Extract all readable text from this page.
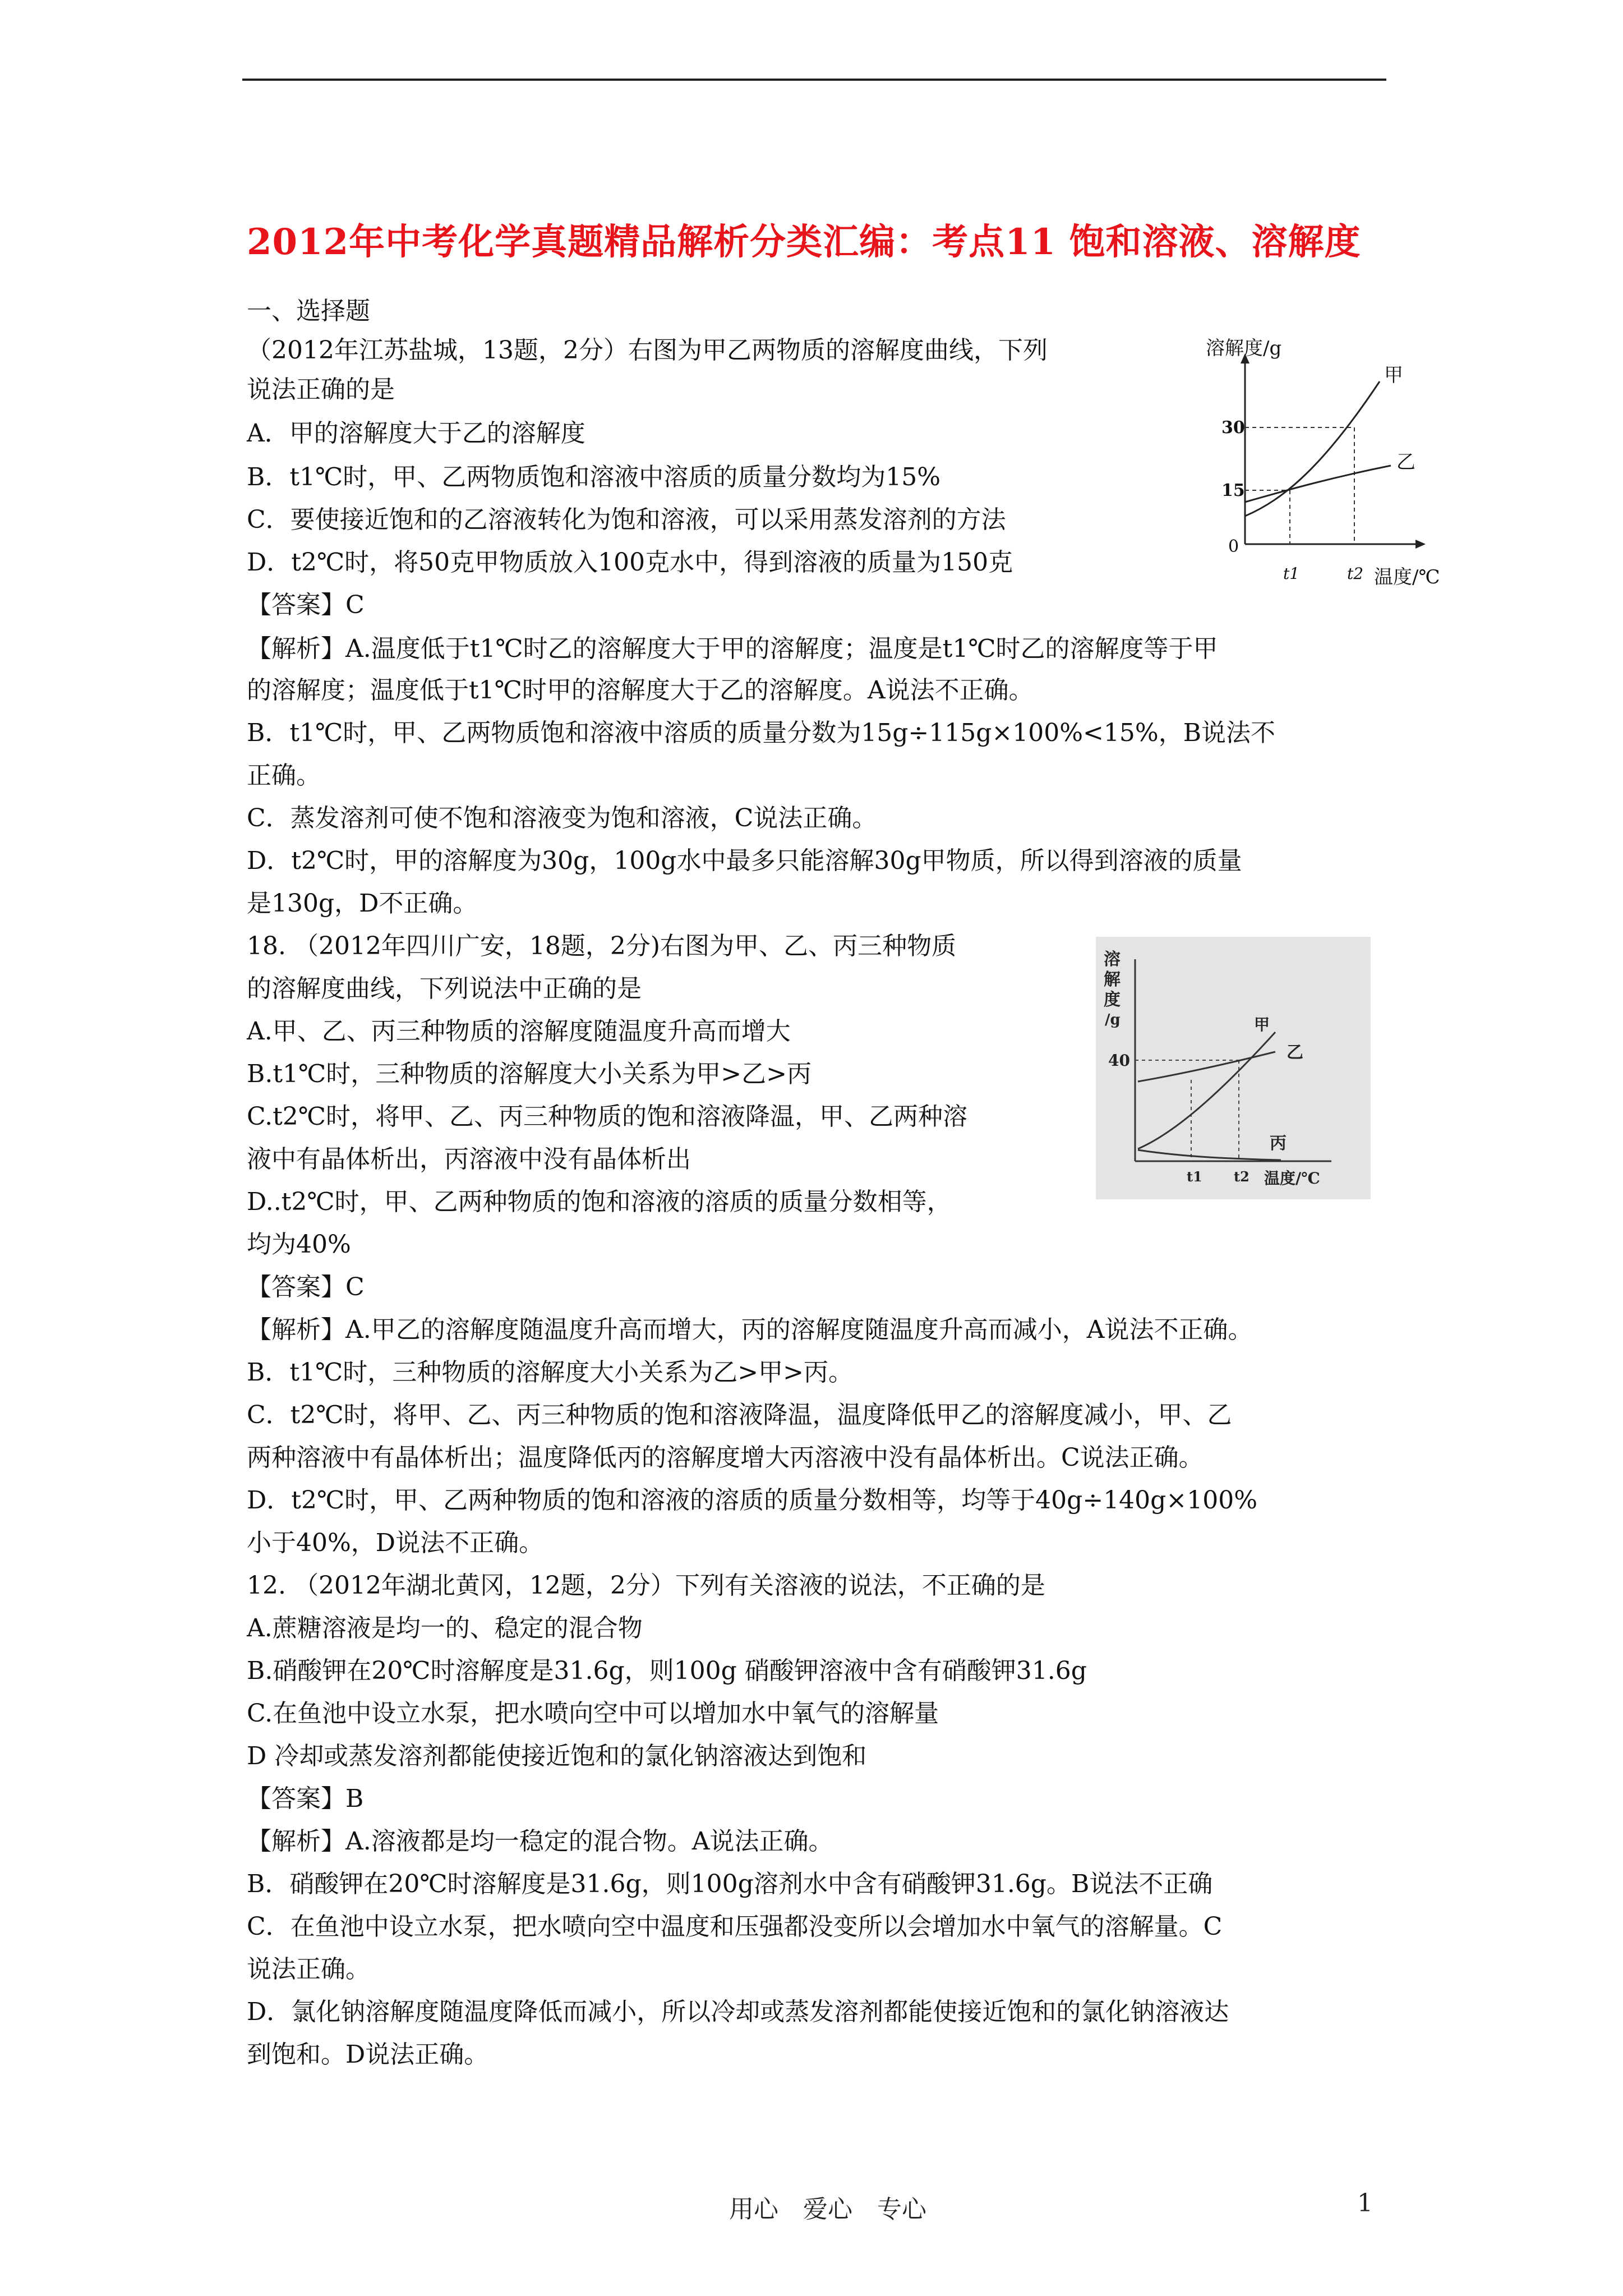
2012年中考化学真题精品解析分类汇编：考点11 饱和溶液、溶解度
一、选择题
（2012年江苏盐城，13题，2分）右图为甲乙两物质的溶解度曲线，下列
说法正确的是
A．甲的溶解度大于乙的溶解度
B．t1℃时，甲、乙两物质饱和溶液中溶质的质量分数均为15%
C．要使接近饱和的乙溶液转化为饱和溶液，可以采用蒸发溶剂的方法
D．t2℃时，将50克甲物质放入100克水中，得到溶液的质量为150克
【答案】C
【解析】A.温度低于t1℃时乙的溶解度大于甲的溶解度；温度是t1℃时乙的溶解度等于甲
的溶解度；温度低于t1℃时甲的溶解度大于乙的溶解度。A说法不正确。
B．t1℃时，甲、乙两物质饱和溶液中溶质的质量分数为15g÷115g×100%<15%，B说法不
正确。
C．蒸发溶剂可使不饱和溶液变为饱和溶液，C说法正确。
D．t2℃时，甲的溶解度为30g，100g水中最多只能溶解30g甲物质，所以得到溶液的质量
是130g，D不正确。
溶解度/g
甲
乙
30
15
0
t1	t2 温度/℃
18. （2012年四川广安，18题，2分)右图为甲、乙、丙三种物质
的溶解度曲线，下列说法中正确的是
A.甲、乙、丙三种物质的溶解度随温度升高而增大
B.t1℃时，三种物质的溶解度大小关系为甲>乙>丙
C.t2℃时，将甲、乙、丙三种物质的饱和溶液降温，甲、乙两种溶
液中有晶体析出，丙溶液中没有晶体析出
D..t2℃时，甲、乙两种物质的饱和溶液的溶质的质量分数相等，
均为40%
【答案】C
【解析】A.甲乙的溶解度随温度升高而增大，丙的溶解度随温度升高而减小，A说法不正确。
B．t1℃时，三种物质的溶解度大小关系为乙>甲>丙。
C．t2℃时，将甲、乙、丙三种物质的饱和溶液降温，温度降低甲乙的溶解度减小，甲、乙
两种溶液中有晶体析出；温度降低丙的溶解度增大丙溶液中没有晶体析出。C说法正确。
D．t2℃时，甲、乙两种物质的饱和溶液的溶质的质量分数相等，均等于40g÷140g×100%
小于40%，D说法不正确。
溶
解
度
/g
40
甲
乙
丙
t1 t2 温度/℃
12. （2012年湖北黄冈，12题，2分）下列有关溶液的说法，不正确的是
A.蔗糖溶液是均一的、稳定的混合物
B.硝酸钾在20℃时溶解度是31.6g，则100g 硝酸钾溶液中含有硝酸钾31.6g
C.在鱼池中设立水泵，把水喷向空中可以增加水中氧气的溶解量
D 冷却或蒸发溶剂都能使接近饱和的氯化钠溶液达到饱和
【答案】B
【解析】A.溶液都是均一稳定的混合物。A说法正确。
B．硝酸钾在20℃时溶解度是31.6g，则100g溶剂水中含有硝酸钾31.6g。B说法不正确
C．在鱼池中设立水泵，把水喷向空中温度和压强都没变所以会增加水中氧气的溶解量。C
说法正确。
D．氯化钠溶解度随温度降低而减小，所以冷却或蒸发溶剂都能使接近饱和的氯化钠溶液达
到饱和。D说法正确。
用心　爱心　专心	1
